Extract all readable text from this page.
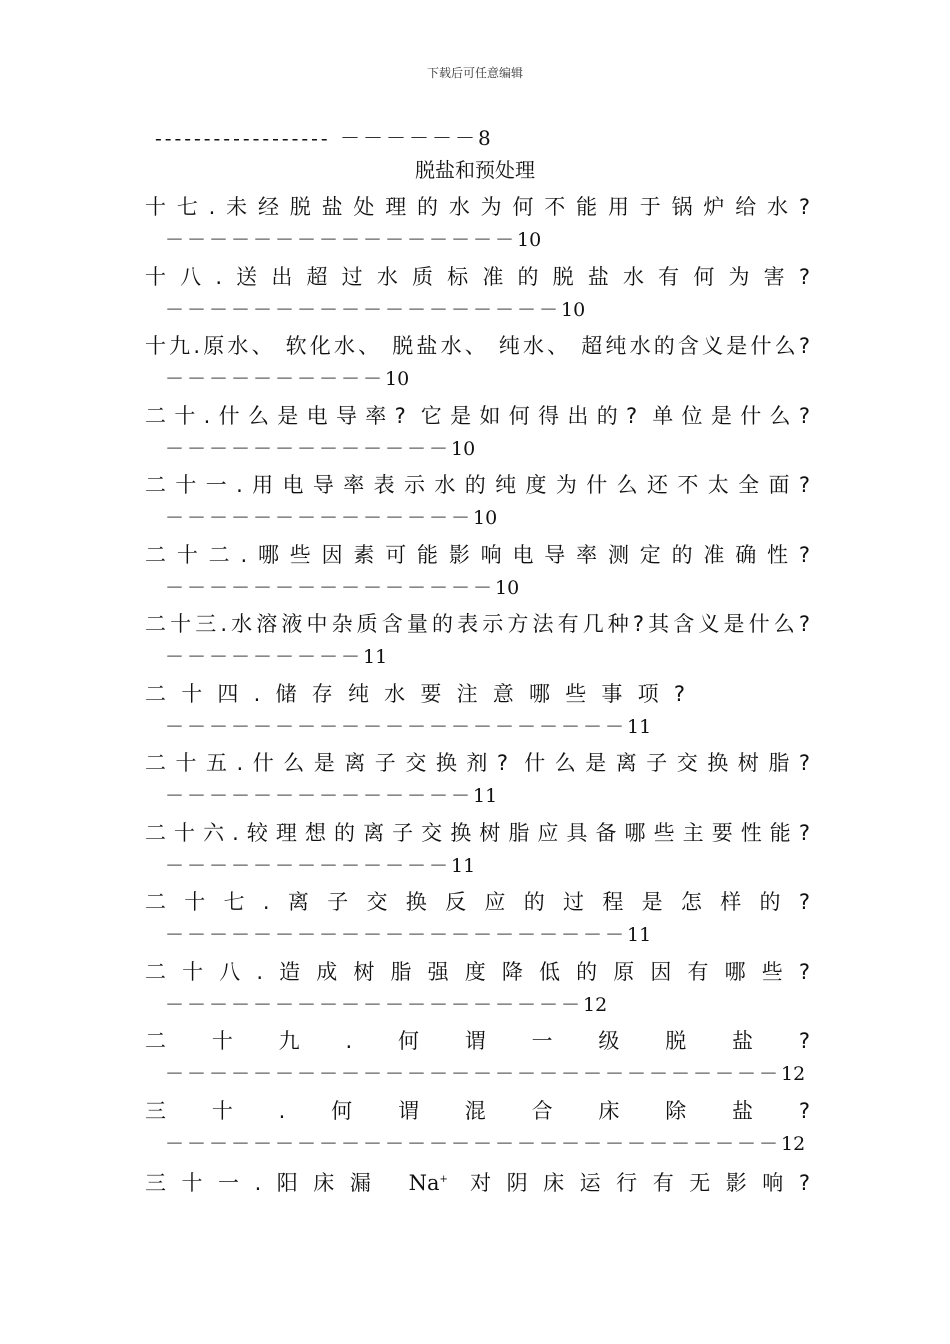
下载后可任意编辑
------------------ －－－－－－8
脱盐和预处理
十七.未经脱盐处理的水为何不能用于锅炉给水?
－－－－－－－－－－－－－－－－10
十八.送出超过水质标准的脱盐水有何为害?
－－－－－－－－－－－－－－－－－－10
十九.原水、 软化水、 脱盐水、 纯水、 超纯水的含义是什么?
－－－－－－－－－－10
二十.什么是电导率? 它是如何得出的? 单位是什么?
－－－－－－－－－－－－－10
二十一.用电导率表示水的纯度为什么还不太全面?
－－－－－－－－－－－－－－10
二十二.哪些因素可能影响电导率测定的准确性?
－－－－－－－－－－－－－－－10
二十三.水溶液中杂质含量的表示方法有几种?其含义是什么?
－－－－－－－－－11
二十四.储存纯水要注意哪些事项?
－－－－－－－－－－－－－－－－－－－－－11
二十五.什么是离子交换剂? 什么是离子交换树脂?
－－－－－－－－－－－－－－11
二十六.较理想的离子交换树脂应具备哪些主要性能?
－－－－－－－－－－－－－11
二十七.离子交换反应的过程是怎样的?
－－－－－－－－－－－－－－－－－－－－－11
二十八.造成树脂强度降低的原因有哪些?
－－－－－－－－－－－－－－－－－－－12
二十九.何谓一级脱盐?
－－－－－－－－－－－－－－－－－－－－－－－－－－－－12
三十.何谓混合床除盐?
－－－－－－－－－－－－－－－－－－－－－－－－－－－－12
三十一.阳床漏 Na+ 对阴床运行有无影响?
